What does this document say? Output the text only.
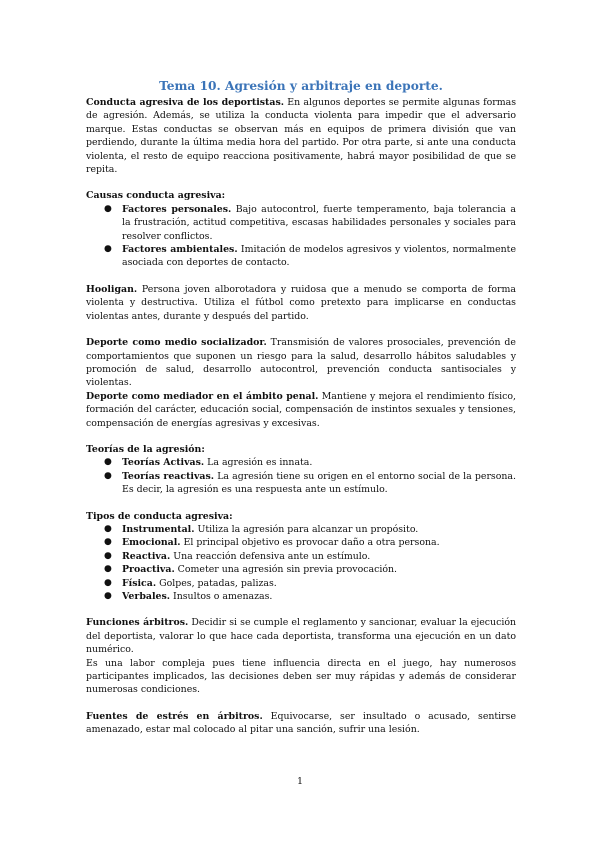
Tema 10. Agresión y arbitraje en deporte.

Conducta agresiva de los deportistas. En algunos deportes se permite algunas formas de agresión. Además, se utiliza la conducta violenta para impedir que el adversario marque. Estas conductas se observan más en equipos de primera división que van perdiendo, durante la última media hora del partido. Por otra parte, si ante una conducta violenta, el resto de equipo reacciona positivamente, habrá mayor posibilidad de que se repita.

Causas conducta agresiva:
● Factores personales. Bajo autocontrol, fuerte temperamento, baja tolerancia a la frustración, actitud competitiva, escasas habilidades personales y sociales para resolver conflictos.
● Factores ambientales. Imitación de modelos agresivos y violentos, normalmente asociada con deportes de contacto.

Hooligan. Persona joven alborotadora y ruidosa que a menudo se comporta de forma violenta y destructiva. Utiliza el fútbol como pretexto para implicarse en conductas violentas antes, durante y después del partido.

Deporte como medio socializador. Transmisión de valores prosociales, prevención de comportamientos que suponen un riesgo para la salud, desarrollo hábitos saludables y promoción de salud, desarrollo autocontrol, prevención conducta santisociales y violentas.

Deporte como mediador en el ámbito penal. Mantiene y mejora el rendimiento físico, formación del carácter, educación social, compensación de instintos sexuales y tensiones, compensación de energías agresivas y excesivas.

Teorías de la agresión:
● Teorías Activas. La agresión es innata.
● Teorías reactivas. La agresión tiene su origen en el entorno social de la persona. Es decir, la agresión es una respuesta ante un estímulo.
Tipos de conducta agresiva:
● Instrumental. Utiliza la agresión para alcanzar un propósito.
● Emocional. El principal objetivo es provocar daño a otra persona.
● Reactiva. Una reacción defensiva ante un estímulo.
● Proactiva. Cometer una agresión sin previa provocación.
● Física. Golpes, patadas, palizas.
● Verbales. Insultos o amenazas.

Funciones árbitros. Decidir si se cumple el reglamento y sancionar, evaluar la ejecución del deportista, valorar lo que hace cada deportista, transforma una ejecución en un dato numérico.

Es una labor compleja pues tiene influencia directa en el juego, hay numerosos participantes implicados, las decisiones deben ser muy rápidas y además de considerar numerosas condiciones.

Fuentes de estrés en árbitros. Equivocarse, ser insultado o acusado, sentirse amenazado, estar mal colocado al pitar una sanción, sufrir una lesión.

1
